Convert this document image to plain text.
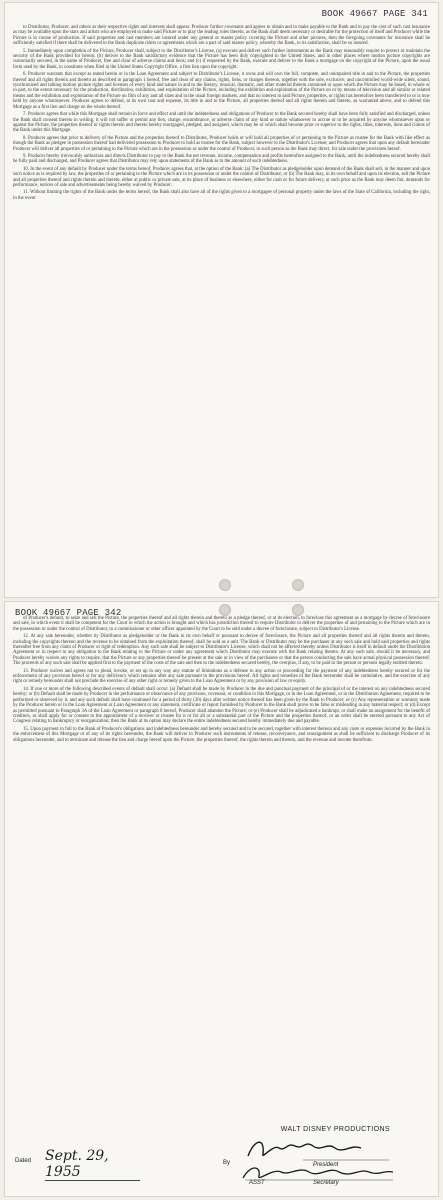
BOOK 49667 PAGE 341

to Distributor, Producer, and others as their respective rights and interests shall appear. Producer further covenants and agrees to obtain and to make payable to the Bank and to pay the cost of such cast insurance as may be available upon the stars and artists who are employed to make said Picture or to play the leading roles therein, as the Bank shall deem necessary or desirable for the protection of itself and Producer while the Picture is in course of production. If said properties and cast members are insured under any general or master policy covering the Picture and other pictures, then the foregoing covenants for insurance shall be sufficiently satisfied if there shall be delivered to the Bank duplicate riders or agreements which are a part of said master policy, whereby the Bank, to its satisfaction, shall be so insured.

5. Immediately upon completion of the Picture, Producer shall, subject to the Distributor's License, (a) execute and deliver such further instruments as the Bank may reasonably require to protect or maintain the security of the Bank provided for herein; (b) deliver to the Bank satisfactory evidence that the Picture has been duly copyrighted in the United States, and in other places where motion picture copyrights are customarily secured, in the name of Producer, free and clear of adverse claims and liens; and (c) if requested by the Bank, execute and deliver to the Bank a mortgage on the copyright of the Picture, upon the usual form used by the Bank, to constitute when filed in the United States Copyright Office, a first lien upon the copyright.

6. Producer warrants that except as stated herein or in the Loan Agreement and subject to Distributor's License, it owns and will own the full, complete, and unimpaired title in and to the Picture, the properties thereof and all rights therein and thereto as described in paragraph 1 hereof, free and clear of any claims, rights, liens, or charges thereon, together with the sole, exclusive, and uncontrolled world-wide silent, sound, synchronized and talking motion picture rights and licenses of every kind and nature in and to the literary, musical, dramatic, and other material therein contained or upon which the Picture may be based, in whole or in part, to the extent necessary for the production, distribution, exhibition, and exploitation of the Picture, including the exhibition and exploitation of the Picture on or by means of television and all similar or related means and the exhibition and exploitation of the Picture on film of any and all sizes and in the usual foreign markets, and that no interest in said Picture, properties, or rights has heretofore been transferred to or is now held by anyone whomsoever. Producer agrees to defend, at its own cost and expense, its title in and to the Picture, all properties thereof and all rights therein and thereto, as warranted above, and to defend this Mortgage as a first lien and charge on the whole thereof.

7. Producer agrees that while this Mortgage shall remain in force and effect and until the indebtedness and obligations of Producer to the Bank secured hereby shall have been fully satisfied and discharged, unless the Bank shall consent thereto in writing, it will not suffer or permit any lien, charge, encumbrance, or adverse claim of any kind or nature whatsoever to accrue or to be acquired by anyone whomsoever upon or against the Picture, the properties thereof or rights therein and thereto hereby mortgaged, pledged, and assigned, which may be or which shall become prior or superior to the rights, titles, interests, liens and claims of the Bank under this Mortgage.

8. Producer agrees that prior to delivery of the Picture and the properties thereof to Distributor, Producer holds or will hold all properties of or pertaining to the Picture as trustee for the Bank with like effect as though the Bank as pledgee in possession thereof had delivered possession to Producer to hold as trustee for the Bank, subject however to the Distributor's License; and Producer agrees that upon any default hereunder Producer will deliver all properties of or pertaining to the Picture which are in the possession or under the control of Producer, to such person as the Bank may direct, for sale under the provisions hereof.

9. Producer hereby irrevocably authorizes and directs Distributor to pay to the Bank the net revenue, income, compensation and profits heretofore assigned to the Bank, until the indebtedness secured hereby shall be fully paid and discharged, and Producer agrees that Distributor may rely upon statements of the Bank as to the amount of such indebtedness.

10. In the event of any default by Producer under the terms hereof, Producer agrees that, at the option of the Bank: (a) The Distributor as pledgeholder upon demand of the Bank shall sell, in the manner and upon such notice as is required by law, the properties of or pertaining to the Picture which are in its possession or under the control of Distributor; or (b) The Bank may, in its own behalf and upon its election, sell the Picture and all properties thereof and rights therein and thereto, either at public or private sale, at its place of business or elsewhere, either for cash or for future delivery, at such price as the Bank may deem fair, demands for performance, notices of sale and advertisements being hereby waived by Producer.

11. Without limiting the rights of the Bank under the terms hereof, the Bank shall also have all of the rights given to a mortgagee of personal property under the laws of the State of California, including the right, in the event

BOOK 49667 PAGE 342

of Producer's default, to seize and sell the Picture, the properties thereof and all rights therein and thereto as a pledge thereof, or at its election, to foreclose this agreement as a mortgage by decree of foreclosure and sale, in which event it shall be competent for the Court in which the action is brought and which has jurisdiction thereof to require Distributor to deliver the properties of and pertaining to the Picture which are in the possession or under the control of Distributor, to a commissioner or other officer appointed by the Court to be sold under a decree of foreclosure, subject to Distributor's License.

12. At any sale hereunder, whether by Distributor as pledgeholder or the Bank in its own behalf or pursuant to decree of foreclosure, the Picture and all properties thereof and all rights therein and thereto, including the copyrights thereon and the revenue to be obtained from the exploitation thereof, shall be sold as a unit. The Bank or Distributor may be the purchaser at any such sale and hold said properties and rights thereafter free from any claim of Producer or right of redemption. Any such sale shall be subject to Distributor's License, which shall not be affected thereby unless Distributor is itself in default under the Distribution Agreement or in respect to any obligation to the Bank relating to the Picture or under any agreement which Distributor may execute with the Bank relating thereto. At any such sale, should it be necessary, and Producer hereby waives any rights to require, that the Picture or any properties thereof be present at the sale or in view of the purchasers or that the person conducting the sale have actual physical possession thereof. The proceeds of any such sale shall be applied first to the payment of the costs of the sale and then to the indebtedness secured hereby, the overplus, if any, to be paid to the person or persons legally entitled thereto.

13. Producer waives and agrees not to plead, invoke, or set up in any way any statute of limitations as a defense to any action or proceeding for the payment of any indebtedness hereby secured or for the enforcement of any provision hereof or for any deficiency which remains after any sale pursuant to the provisions hereof. All rights and remedies of the Bank hereunder shall be cumulative, and the exercise of any right or remedy hereunder shall not preclude the exercise of any other right or remedy given to the Loan Agreement or by any provision of law or equity.

14. If one or more of the following described events of default shall occur: (a) Default shall be made by Producer in the due and punctual payment of the principal of or the interest on any indebtedness secured hereby; or (b) Default shall be made by Producer in the performance or observance of any provision, covenant, or condition in this Mortgage, or in the Loan Agreement, or in the Distribution Agreement, required to be performed or observed by it, and any such default shall have continued for a period of thirty (30) days after written notice thereof has been given by the Bank to Producer; or (c) Any representation or warranty made by the Producer herein or in the Loan Agreement or Loan Agreement or any statement, certificate or report furnished by Producer to the Bank shall prove to be false or misleading in any material respect; or (d) Except as permitted pursuant to Paragraph 3A of the Loan Agreement or paragraph 8 hereof, Producer shall abandon the Picture; or (e) Producer shall be adjudicated a bankrupt, or shall make an assignment for the benefit of creditors, or shall apply for or consent to the appointment of a receiver or trustee for it or for all or a substantial part of the Picture and the properties thereof, or an order shall be entered pursuant to any Act of Congress relating to bankruptcy or reorganization; then the Bank at its option may declare the entire indebtedness secured hereby immediately due and payable.

15. Upon payment in full to the Bank of Producer's obligations and indebtedness hereunder and hereby secured and to be secured, together with interest thereon and any costs or expenses incurred by the Bank in the enforcement of this Mortgage or of any of its rights hereunder, the Bank will deliver to Producer such instruments of release, reconveyance, and reassignment as shall be sufficient to discharge Producer of its obligations hereunder, and to terminate and release the lien and charge hereof upon the Picture, the properties thereof, the rights therein and thereto, and the revenue and income therefrom.

WALT DISNEY PRODUCTIONS
Dated Sept. 29, 1955
By	President
ASST	Secretary
